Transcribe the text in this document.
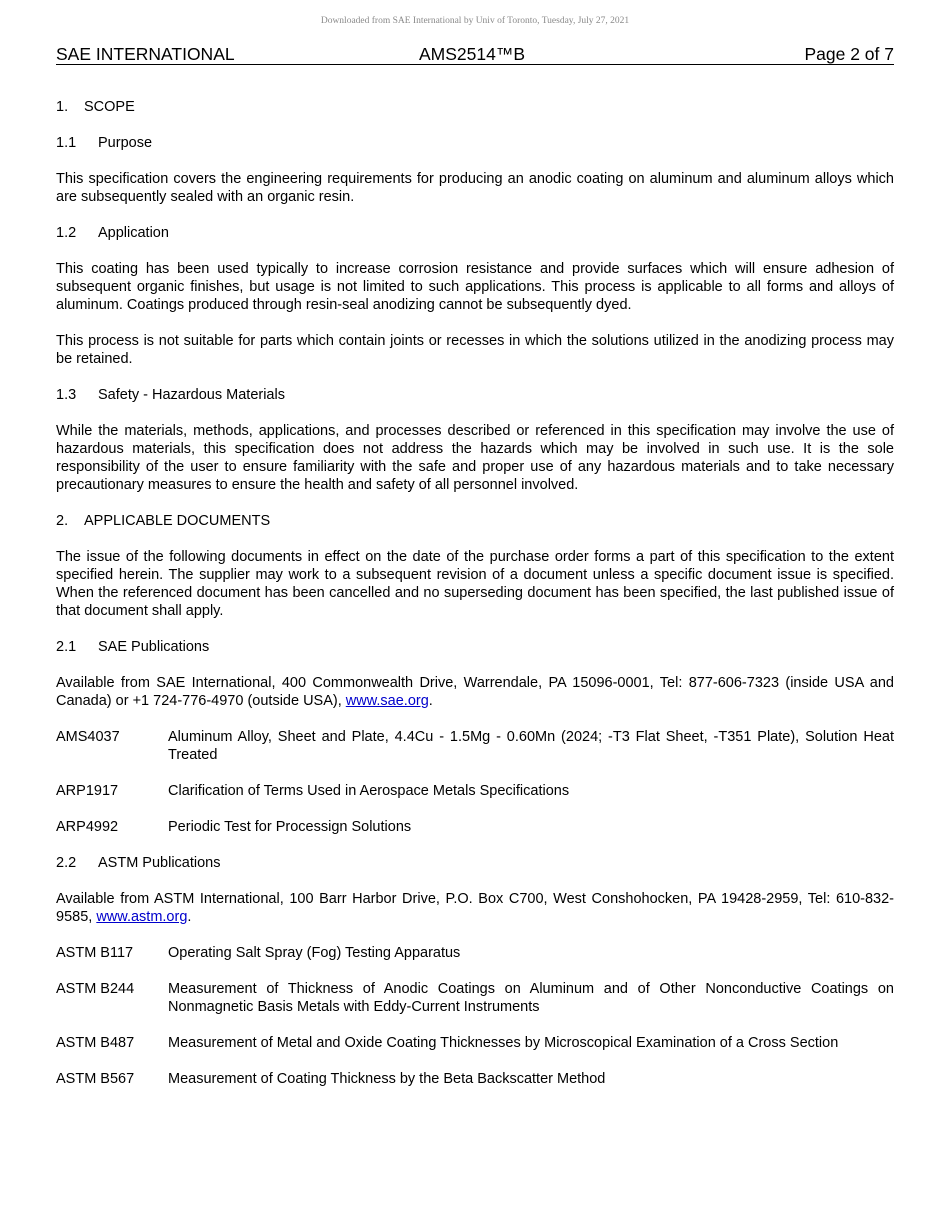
Downloaded from SAE International by Univ of Toronto, Tuesday, July 27, 2021
SAE INTERNATIONAL	AMS2514™B	Page 2 of 7
1. SCOPE
1.1 Purpose

This specification covers the engineering requirements for producing an anodic coating on aluminum and aluminum alloys which are subsequently sealed with an organic resin.

1.2 Application

This coating has been used typically to increase corrosion resistance and provide surfaces which will ensure adhesion of subsequent organic finishes, but usage is not limited to such applications. This process is applicable to all forms and alloys of aluminum. Coatings produced through resin-seal anodizing cannot be subsequently dyed.

This process is not suitable for parts which contain joints or recesses in which the solutions utilized in the anodizing process may be retained.

1.3 Safety - Hazardous Materials

While the materials, methods, applications, and processes described or referenced in this specification may involve the use of hazardous materials, this specification does not address the hazards which may be involved in such use. It is the sole responsibility of the user to ensure familiarity with the safe and proper use of any hazardous materials and to take necessary precautionary measures to ensure the health and safety of all personnel involved.

2. APPLICABLE DOCUMENTS

The issue of the following documents in effect on the date of the purchase order forms a part of this specification to the extent specified herein. The supplier may work to a subsequent revision of a document unless a specific document issue is specified. When the referenced document has been cancelled and no superseding document has been specified, the last published issue of that document shall apply.

2.1 SAE Publications

Available from SAE International, 400 Commonwealth Drive, Warrendale, PA 15096-0001, Tel: 877-606-7323 (inside USA and Canada) or +1 724-776-4970 (outside USA), www.sae.org.

AMS4037	Aluminum Alloy, Sheet and Plate, 4.4Cu - 1.5Mg - 0.60Mn (2024; -T3 Flat Sheet, -T351 Plate), Solution Heat Treated
ARP1917	Clarification of Terms Used in Aerospace Metals Specifications
ARP4992	Periodic Test for Processign Solutions
2.2 ASTM Publications

Available from ASTM International, 100 Barr Harbor Drive, P.O. Box C700, West Conshohocken, PA 19428-2959, Tel: 610-832-9585, www.astm.org.

ASTM B117	Operating Salt Spray (Fog) Testing Apparatus
ASTM B244	Measurement of Thickness of Anodic Coatings on Aluminum and of Other Nonconductive Coatings on Nonmagnetic Basis Metals with Eddy-Current Instruments
ASTM B487	Measurement of Metal and Oxide Coating Thicknesses by Microscopical Examination of a Cross Section
ASTM B567	Measurement of Coating Thickness by the Beta Backscatter Method
